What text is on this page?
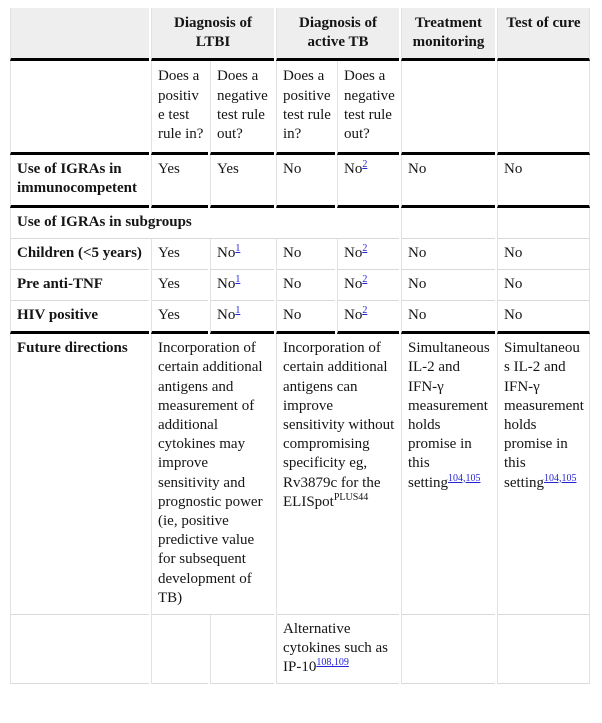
	Diagnosis of LTBI		Diagnosis of active TB		Treatment monitoring	Test of cure
	Does a positive test rule in?	Does a negative test rule out?	Does a positive test rule in?	Does a negative test rule out?		
Use of IGRAs in immunocompetent	Yes	Yes	No	No$^2$	No	No
Use of IGRAs in subgroups						
Children (<5 years)	Yes	No$^1$	No	No$^2$	No	No
Pre anti-TNF	Yes	No$^1$	No	No$^2$	No	No
HIV positive	Yes	No$^1$	No	No$^2$	No	No
Future directions	Incorporation of certain additional antigens and measurement of additional cytokines may improve sensitivity and prognostic power (ie, positive predictive value for subsequent development of TB)		Incorporation of certain additional antigens can improve sensitivity without compromising specificity eg, Rv3879c for the ELISpot$^{PLUS44}$		Simultaneous IL-2 and IFN-γ measurement holds promise in this setting$^{104,105}$	Simultaneous IL-2 and IFN-γ measurement holds promise in this setting$^{104,105}$
			Alternative cytokines such as IP-10$^{108,109}$		
